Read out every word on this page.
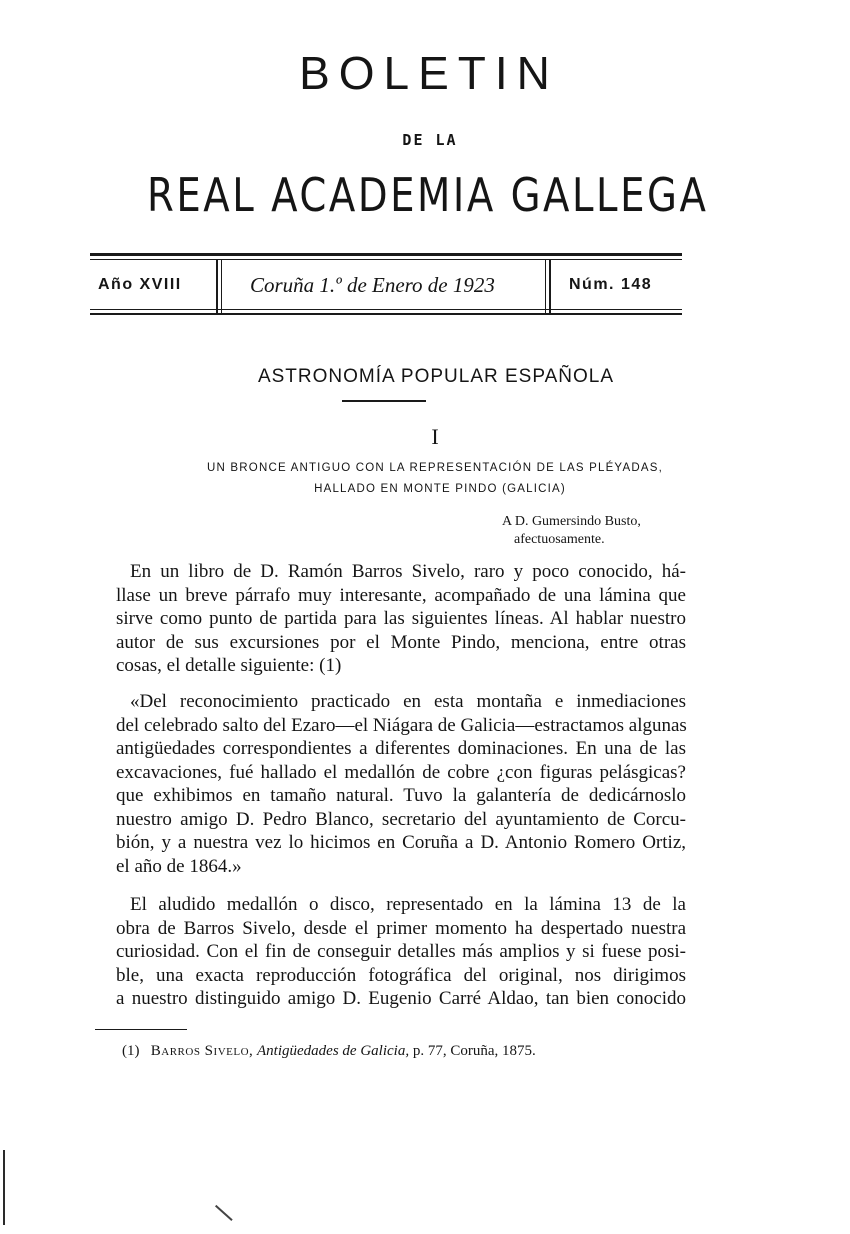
BOLETIN
DE LA
REAL ACADEMIA GALLEGA
Año XVIII	Coruña 1.º de Enero de 1923	Núm. 148
ASTRONOMÍA POPULAR ESPAÑOLA
I
UN BRONCE ANTIGUO CON LA REPRESENTACIÓN DE LAS PLÉYADAS,
HALLADO EN MONTE PINDO (GALICIA)
A D. Gumersindo Busto,
afectuosamente.
En un libro de D. Ramón Barros Sivelo, raro y poco conocido, há-
llase un breve párrafo muy interesante, acompañado de una lámina que
sirve como punto de partida para las siguientes líneas. Al hablar nuestro
autor de sus excursiones por el Monte Pindo, menciona, entre otras
cosas, el detalle siguiente: (1)
«Del reconocimiento practicado en esta montaña e inmediaciones
del celebrado salto del Ezaro—el Niágara de Galicia—estractamos algunas
antigüedades correspondientes a diferentes dominaciones. En una de las
excavaciones, fué hallado el medallón de cobre ¿con figuras pelásgicas?
que exhibimos en tamaño natural. Tuvo la galantería de dedicárnoslo
nuestro amigo D. Pedro Blanco, secretario del ayuntamiento de Corcu-
bión, y a nuestra vez lo hicimos en Coruña a D. Antonio Romero Ortiz,
el año de 1864.»
El aludido medallón o disco, representado en la lámina 13 de la
obra de Barros Sivelo, desde el primer momento ha despertado nuestra
curiosidad. Con el fin de conseguir detalles más amplios y si fuese posi-
ble, una exacta reproducción fotográfica del original, nos dirigimos
a nuestro distinguido amigo D. Eugenio Carré Aldao, tan bien conocido
(1) Barros Sivelo, Antigüedades de Galicia, p. 77, Coruña, 1875.
